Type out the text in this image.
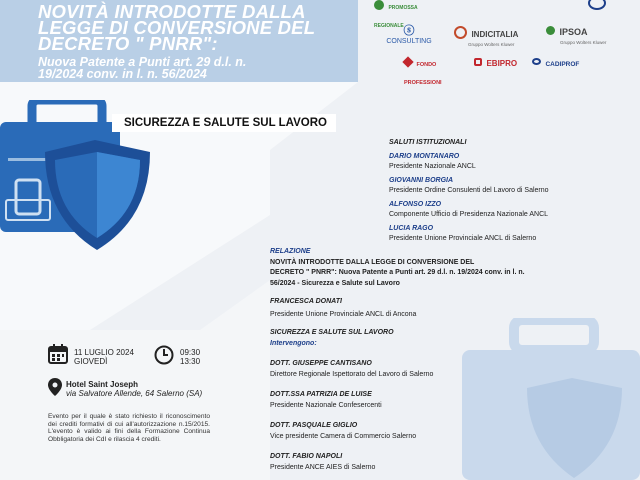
NOVITÀ INTRODOTTE DALLA
LEGGE DI CONVERSIONE DEL
DECRETO " PNRR":
Nuova Patente a Punti art. 29 d.l. n.
19/2024 conv. in l. n. 56/2024
PROMOSSA REGIONALE ⓢ
CONSULTING
INDICITALIA
Gruppo Wolters Kluwer
IPSOA
Gruppo Wolters Kluwer
FONDO PROFESSIONI
EBIPRO	CADIPROF
SICUREZZA E SALUTE SUL LAVORO
11 LUGLIO 2024
GIOVEDÌ
09:30
13:30
Hotel Saint Joseph
via Salvatore Allende, 64 Salerno (SA)
Evento per il quale è stato richiesto il riconoscimento dei crediti formativi di cui all'autorizzazione n.15/2015. L'evento è valido ai fini della Formazione Continua Obbligatoria dei CdI e rilascia 4 crediti.
SALUTI ISTITUZIONALI
DARIO MONTANARO
Presidente Nazionale ANCL
GIOVANNI BORGIA
Presidente Ordine Consulenti del Lavoro di Salerno
ALFONSO IZZO
Componente Ufficio di Presidenza Nazionale ANCL
LUCIA RAGO
Presidente Unione Provinciale ANCL di Salerno
RELAZIONE
NOVITÀ INTRODOTTE DALLA LEGGE DI CONVERSIONE DEL
DECRETO " PNRR": Nuova Patente a Punti art. 29 d.l. n. 19/2024 conv. in l. n.
56/2024 - Sicurezza e Salute sul Lavoro
FRANCESCA DONATI
Presidente Unione Provinciale ANCL di Ancona
SICUREZZA E SALUTE SUL LAVORO
Intervengono:
DOTT. GIUSEPPE CANTISANO
Direttore Regionale Ispettorato del Lavoro di Salerno
DOTT.SSA PATRIZIA DE LUISE
Presidente Nazionale Confesercenti
DOTT. PASQUALE GIGLIO
Vice presidente Camera di Commercio Salerno
DOTT. FABIO NAPOLI
Presidente ANCE AIES di Salerno
